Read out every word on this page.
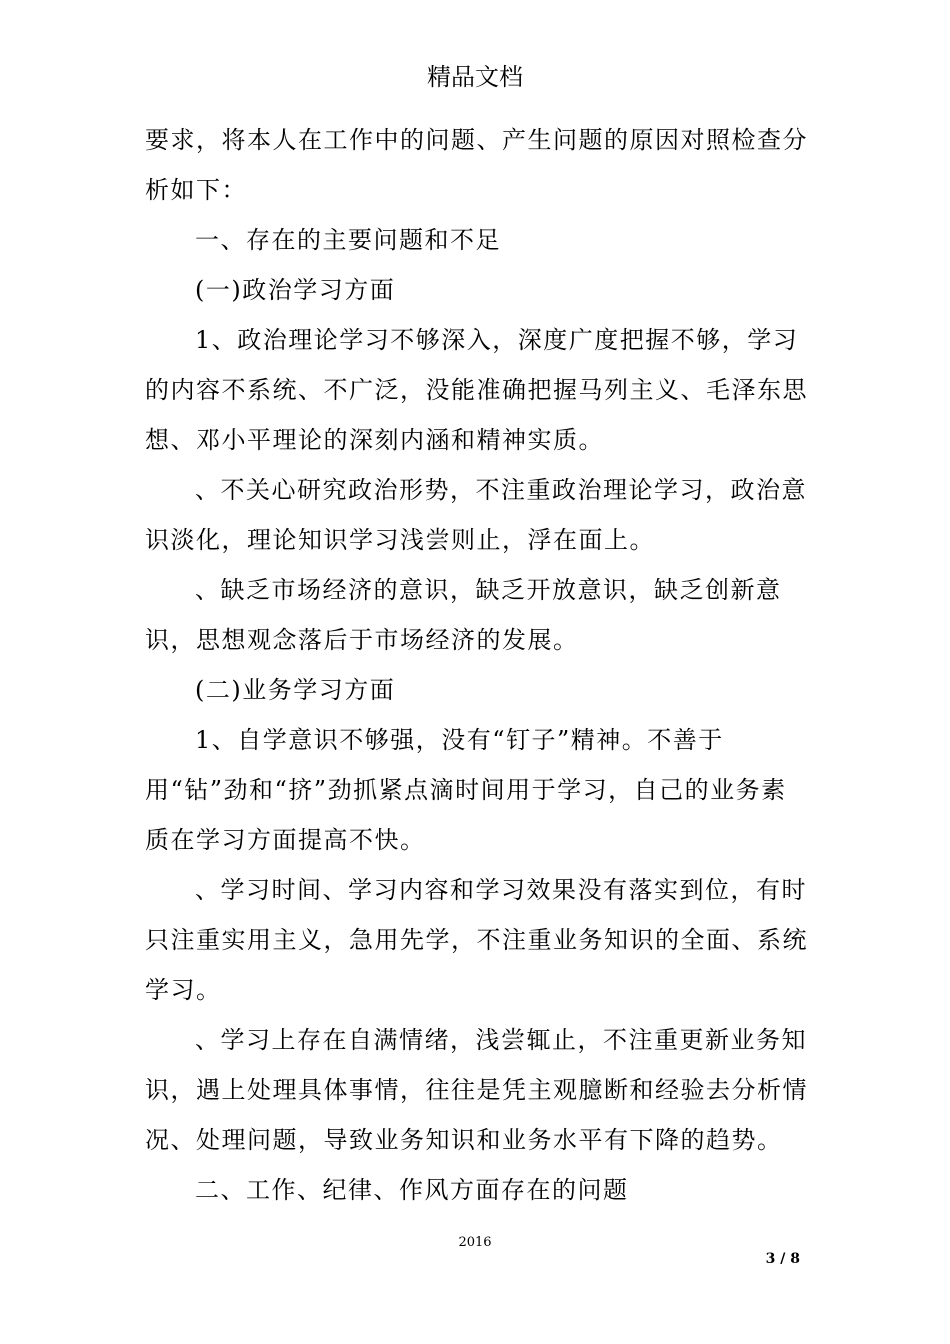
精品文档

要求，将本人在工作中的问题、产生问题的原因对照检查分析如下：

一、存在的主要问题和不足

(一)政治学习方面

1、政治理论学习不够深入，深度广度把握不够，学习的内容不系统、不广泛，没能准确把握马列主义、毛泽东思想、邓小平理论的深刻内涵和精神实质。

、不关心研究政治形势，不注重政治理论学习，政治意识淡化，理论知识学习浅尝则止，浮在面上。

、缺乏市场经济的意识，缺乏开放意识，缺乏创新意识，思想观念落后于市场经济的发展。

(二)业务学习方面

1、自学意识不够强，没有“钉子”精神。不善于用“钻”劲和“挤”劲抓紧点滴时间用于学习，自己的业务素质在学习方面提高不快。

、学习时间、学习内容和学习效果没有落实到位，有时只注重实用主义，急用先学，不注重业务知识的全面、系统学习。

、学习上存在自满情绪，浅尝辄止，不注重更新业务知识，遇上处理具体事情，往往是凭主观臆断和经验去分析情况、处理问题，导致业务知识和业务水平有下降的趋势。

二、工作、纪律、作风方面存在的问题

2016
3 / 8
